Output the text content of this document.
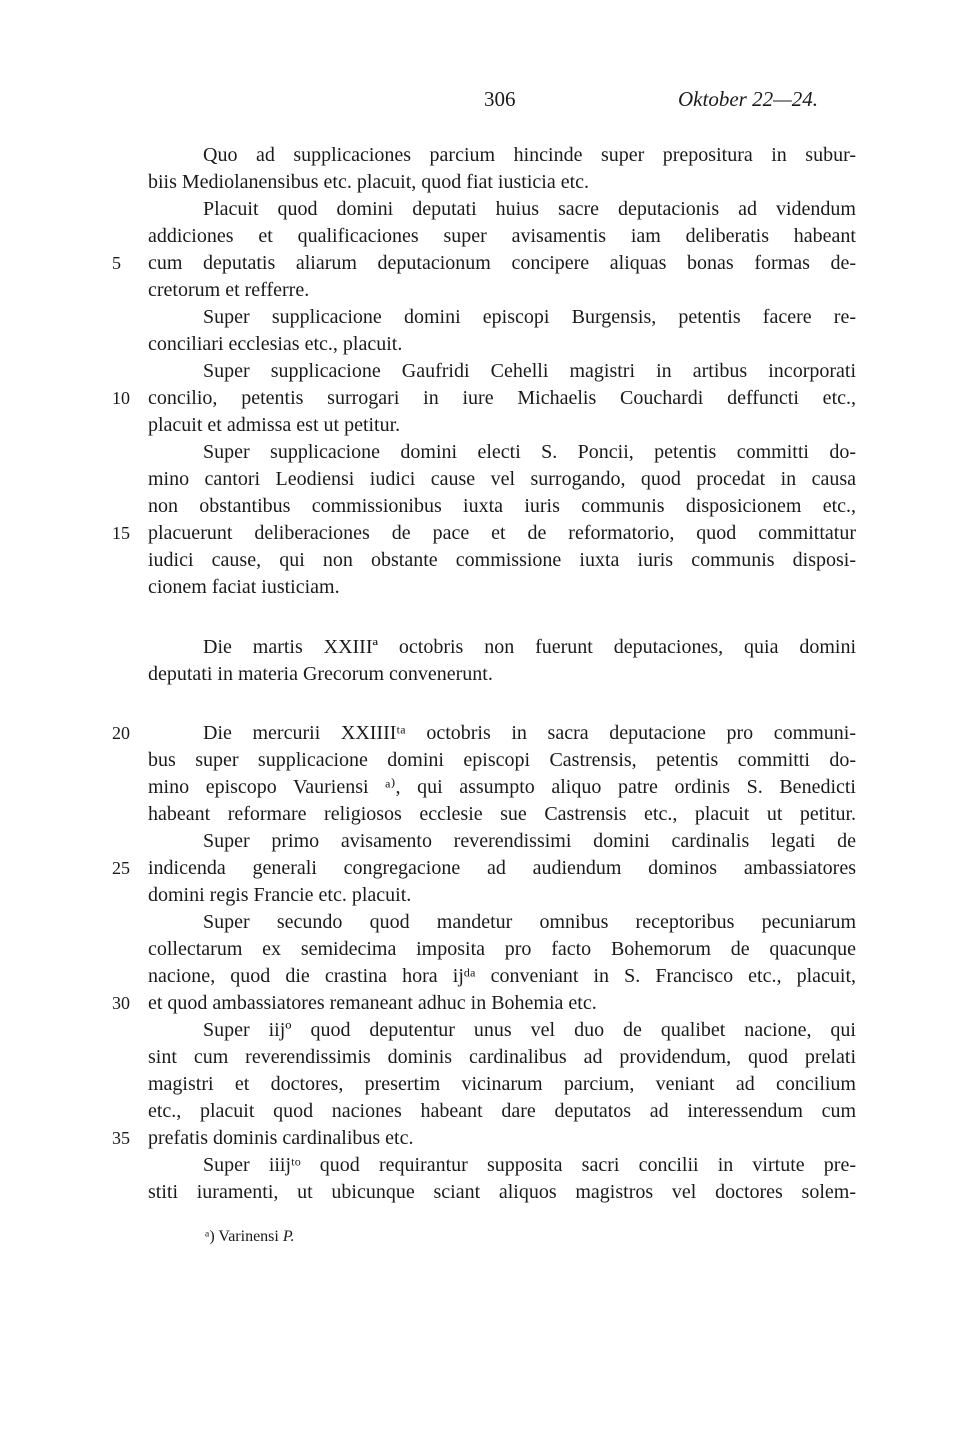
306	Oktober 22—24.
Quo ad supplicaciones parcium hincinde super prepositura in subur-
biis Mediolanensibus etc. placuit, quod fiat iusticia etc.
Placuit quod domini deputati huius sacre deputacionis ad videndum
addiciones et qualificaciones super avisamentis iam deliberatis habeant
cum deputatis aliarum deputacionum concipere aliquas bonas formas de-
cretorum et refferre.
Super supplicacione domini episcopi Burgensis, petentis facere re-
conciliari ecclesias etc., placuit.
Super supplicacione Gaufridi Cehelli magistri in artibus incorporati
concilio, petentis surrogari in iure Michaelis Couchardi deffuncti etc.,
placuit et admissa est ut petitur.
Super supplicacione domini electi S. Poncii, petentis committi do-
mino cantori Leodiensi iudici cause vel surrogando, quod procedat in causa
non obstantibus commissionibus iuxta iuris communis disposicionem etc.,
placuerunt deliberaciones de pace et de reformatorio, quod committatur
iudici cause, qui non obstante commissione iuxta iuris communis disposi-
cionem faciat iusticiam.
Die martis XXIIIª octobris non fuerunt deputaciones, quia domini
deputati in materia Grecorum convenerunt.
Die mercurii XXIIIIᵗᵃ octobris in sacra deputacione pro communi-
bus super supplicacione domini episcopi Castrensis, petentis committi do-
mino episcopo Vauriensi ᵃ⁾, qui assumpto aliquo patre ordinis S. Benedicti
habeant reformare religiosos ecclesie sue Castrensis etc., placuit ut petitur.
Super primo avisamento reverendissimi domini cardinalis legati de
indicenda generali congregacione ad audiendum dominos ambassiatores
domini regis Francie etc. placuit.
Super secundo quod mandetur omnibus receptoribus pecuniarum
collectarum ex semidecima imposita pro facto Bohemorum de quacunque
nacione, quod die crastina hora ijᵈᵃ conveniant in S. Francisco etc., placuit,
et quod ambassiatores remaneant adhuc in Bohemia etc.
Super iijº quod deputentur unus vel duo de qualibet nacione, qui
sint cum reverendissimis dominis cardinalibus ad providendum, quod prelati
magistri et doctores, presertim vicinarum parcium, veniant ad concilium
etc., placuit quod naciones habeant dare deputatos ad interessendum cum
prefatis dominis cardinalibus etc.
Super iiijᵗᵒ quod requirantur supposita sacri concilii in virtute pre-
stiti iuramenti, ut ubicunque sciant aliquos magistros vel doctores solem-
5
10
15
20
25
30
35
ᵃ) Varinensi P.
